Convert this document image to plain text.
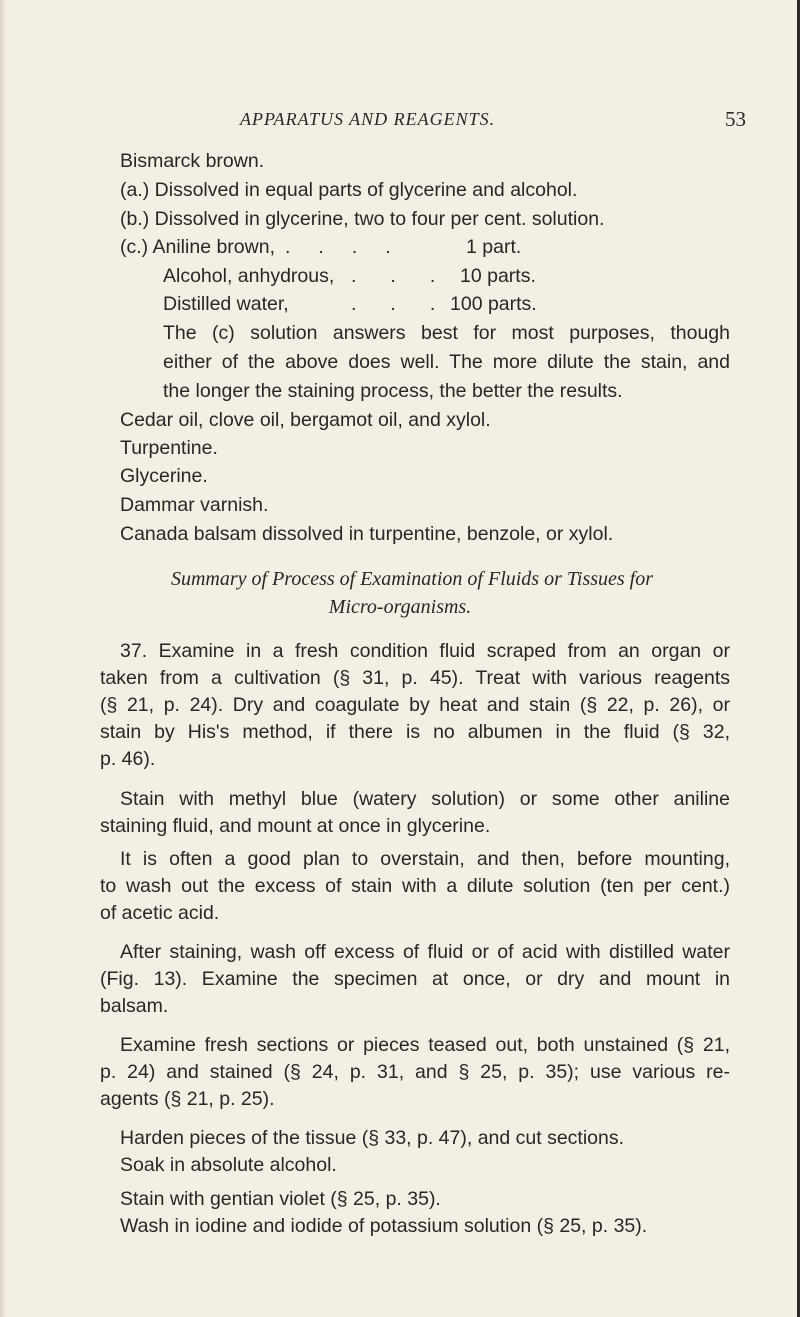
APPARATUS AND REAGENTS.	53
Bismarck brown.
(a.) Dissolved in equal parts of glycerine and alcohol.
(b.) Dissolved in glycerine, two to four per cent. solution.
(c.) Aniline brown, .... 1 part.
Alcohol, anhydrous, ...
10 parts.
Distilled water,	...
100 parts.
The (c) solution answers best for most purposes, though
either of the above does well. The more dilute the stain, and
the longer the staining process, the better the results.
Cedar oil, clove oil, bergamot oil, and xylol.
Turpentine.
Glycerine.
Dammar varnish.
Canada balsam dissolved in turpentine, benzole, or xylol.
Summary of Process of Examination of Fluids or Tissues for
Micro-organisms.
37. Examine in a fresh condition fluid scraped from an organ or
taken from a cultivation (§ 31, p. 45). Treat with various reagents
(§ 21, p. 24). Dry and coagulate by heat and stain (§ 22, p. 26), or
stain by His's method, if there is no albumen in the fluid (§ 32,
p. 46).
Stain with methyl blue (watery solution) or some other aniline
staining fluid, and mount at once in glycerine.
It is often a good plan to overstain, and then, before mounting,
to wash out the excess of stain with a dilute solution (ten per cent.)
of acetic acid.
After staining, wash off excess of fluid or of acid with distilled water
(Fig. 13). Examine the specimen at once, or dry and mount in
balsam.
Examine fresh sections or pieces teased out, both unstained (§ 21,
p. 24) and stained (§ 24, p. 31, and § 25, p. 35); use various re-
agents (§ 21, p. 25).
Harden pieces of the tissue (§ 33, p. 47), and cut sections.
Soak in absolute alcohol.
Stain with gentian violet (§ 25, p. 35).
Wash in iodine and iodide of potassium solution (§ 25, p. 35).
